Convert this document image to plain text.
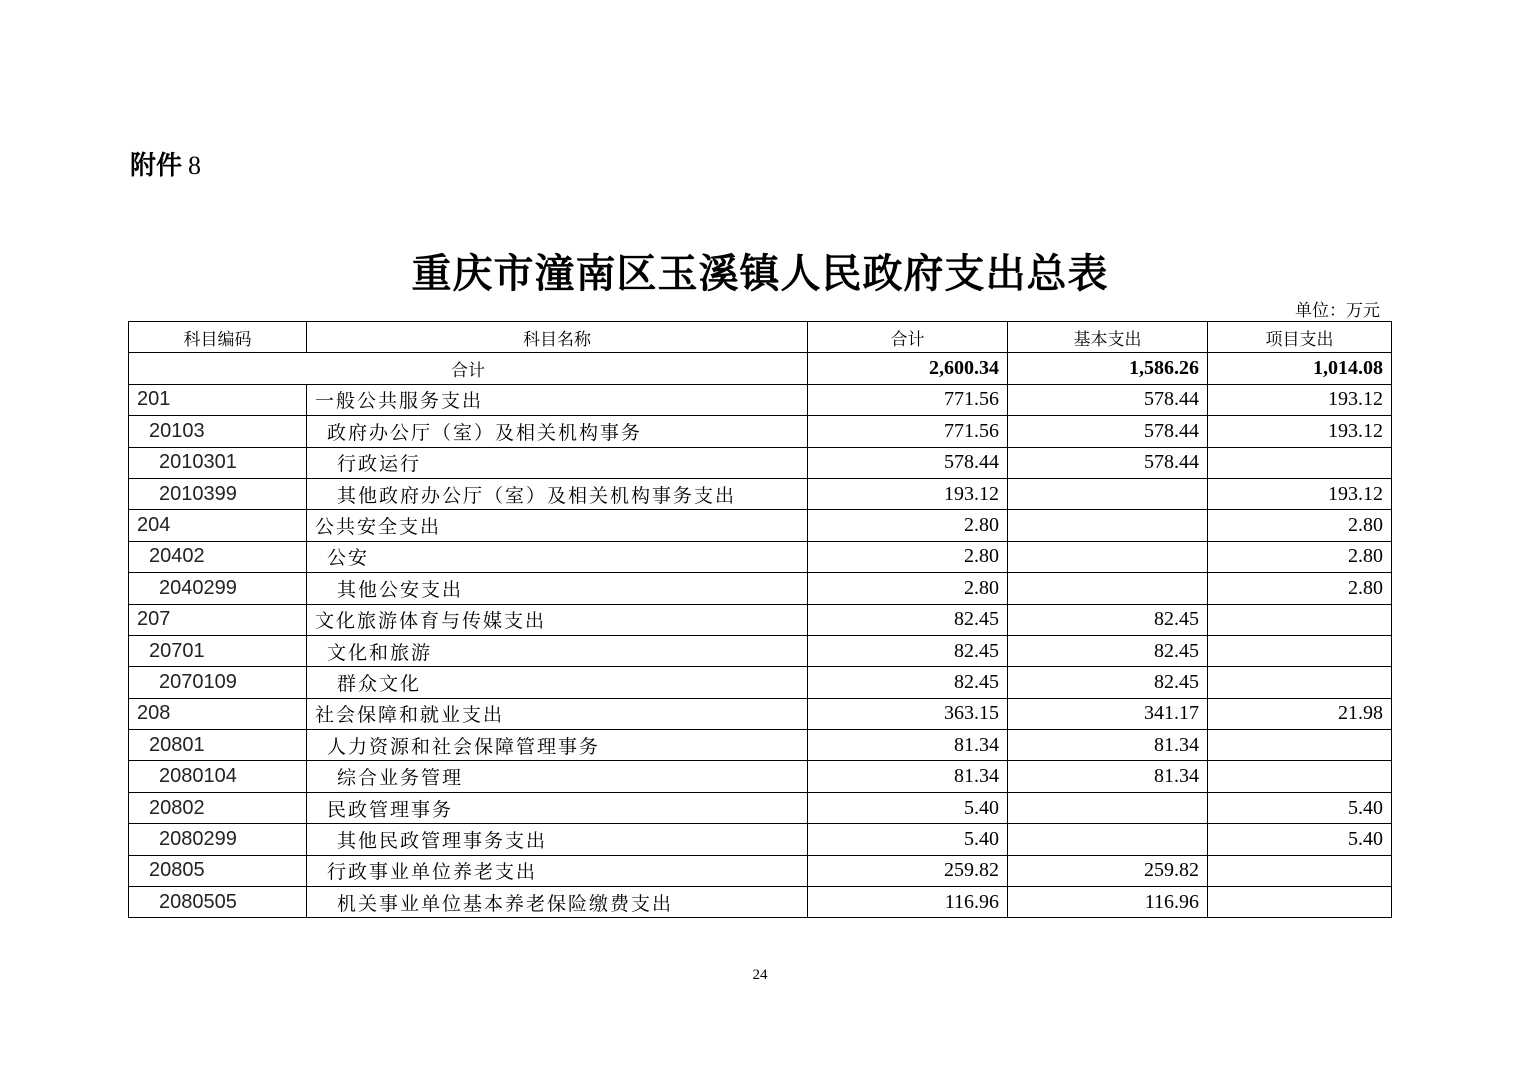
附件 8
重庆市潼南区玉溪镇人民政府支出总表
单位：万元
科目编码	科目名称	合计	基本支出	项目支出
合计		2,600.34	1,586.26	1,014.08
201	一般公共服务支出	771.56	578.44	193.12
20103	政府办公厅（室）及相关机构事务	771.56	578.44	193.12
2010301	行政运行	578.44	578.44	
2010399	其他政府办公厅（室）及相关机构事务支出	193.12		193.12
204	公共安全支出	2.80		2.80
20402	公安	2.80		2.80
2040299	其他公安支出	2.80		2.80
207	文化旅游体育与传媒支出	82.45	82.45	
20701	文化和旅游	82.45	82.45	
2070109	群众文化	82.45	82.45	
208	社会保障和就业支出	363.15	341.17	21.98
20801	人力资源和社会保障管理事务	81.34	81.34	
2080104	综合业务管理	81.34	81.34	
20802	民政管理事务	5.40		5.40
2080299	其他民政管理事务支出	5.40		5.40
20805	行政事业单位养老支出	259.82	259.82	
2080505	机关事业单位基本养老保险缴费支出	116.96	116.96	
24
